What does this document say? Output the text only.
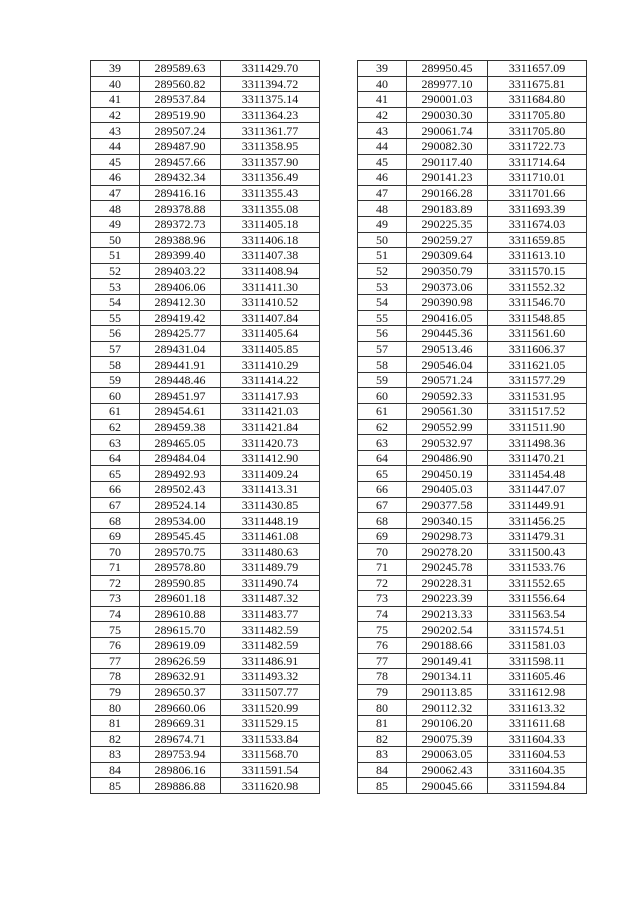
39	289589.63	3311429.70
40	289560.82	3311394.72
41	289537.84	3311375.14
42	289519.90	3311364.23
43	289507.24	3311361.77
44	289487.90	3311358.95
45	289457.66	3311357.90
46	289432.34	3311356.49
47	289416.16	3311355.43
48	289378.88	3311355.08
49	289372.73	3311405.18
50	289388.96	3311406.18
51	289399.40	3311407.38
52	289403.22	3311408.94
53	289406.06	3311411.30
54	289412.30	3311410.52
55	289419.42	3311407.84
56	289425.77	3311405.64
57	289431.04	3311405.85
58	289441.91	3311410.29
59	289448.46	3311414.22
60	289451.97	3311417.93
61	289454.61	3311421.03
62	289459.38	3311421.84
63	289465.05	3311420.73
64	289484.04	3311412.90
65	289492.93	3311409.24
66	289502.43	3311413.31
67	289524.14	3311430.85
68	289534.00	3311448.19
69	289545.45	3311461.08
70	289570.75	3311480.63
71	289578.80	3311489.79
72	289590.85	3311490.74
73	289601.18	3311487.32
74	289610.88	3311483.77
75	289615.70	3311482.59
76	289619.09	3311482.59
77	289626.59	3311486.91
78	289632.91	3311493.32
79	289650.37	3311507.77
80	289660.06	3311520.99
81	289669.31	3311529.15
82	289674.71	3311533.84
83	289753.94	3311568.70
84	289806.16	3311591.54
85	289886.88	3311620.98
39	289950.45	3311657.09
40	289977.10	3311675.81
41	290001.03	3311684.80
42	290030.30	3311705.80
43	290061.74	3311705.80
44	290082.30	3311722.73
45	290117.40	3311714.64
46	290141.23	3311710.01
47	290166.28	3311701.66
48	290183.89	3311693.39
49	290225.35	3311674.03
50	290259.27	3311659.85
51	290309.64	3311613.10
52	290350.79	3311570.15
53	290373.06	3311552.32
54	290390.98	3311546.70
55	290416.05	3311548.85
56	290445.36	3311561.60
57	290513.46	3311606.37
58	290546.04	3311621.05
59	290571.24	3311577.29
60	290592.33	3311531.95
61	290561.30	3311517.52
62	290552.99	3311511.90
63	290532.97	3311498.36
64	290486.90	3311470.21
65	290450.19	3311454.48
66	290405.03	3311447.07
67	290377.58	3311449.91
68	290340.15	3311456.25
69	290298.73	3311479.31
70	290278.20	3311500.43
71	290245.78	3311533.76
72	290228.31	3311552.65
73	290223.39	3311556.64
74	290213.33	3311563.54
75	290202.54	3311574.51
76	290188.66	3311581.03
77	290149.41	3311598.11
78	290134.11	3311605.46
79	290113.85	3311612.98
80	290112.32	3311613.32
81	290106.20	3311611.68
82	290075.39	3311604.33
83	290063.05	3311604.53
84	290062.43	3311604.35
85	290045.66	3311594.84
